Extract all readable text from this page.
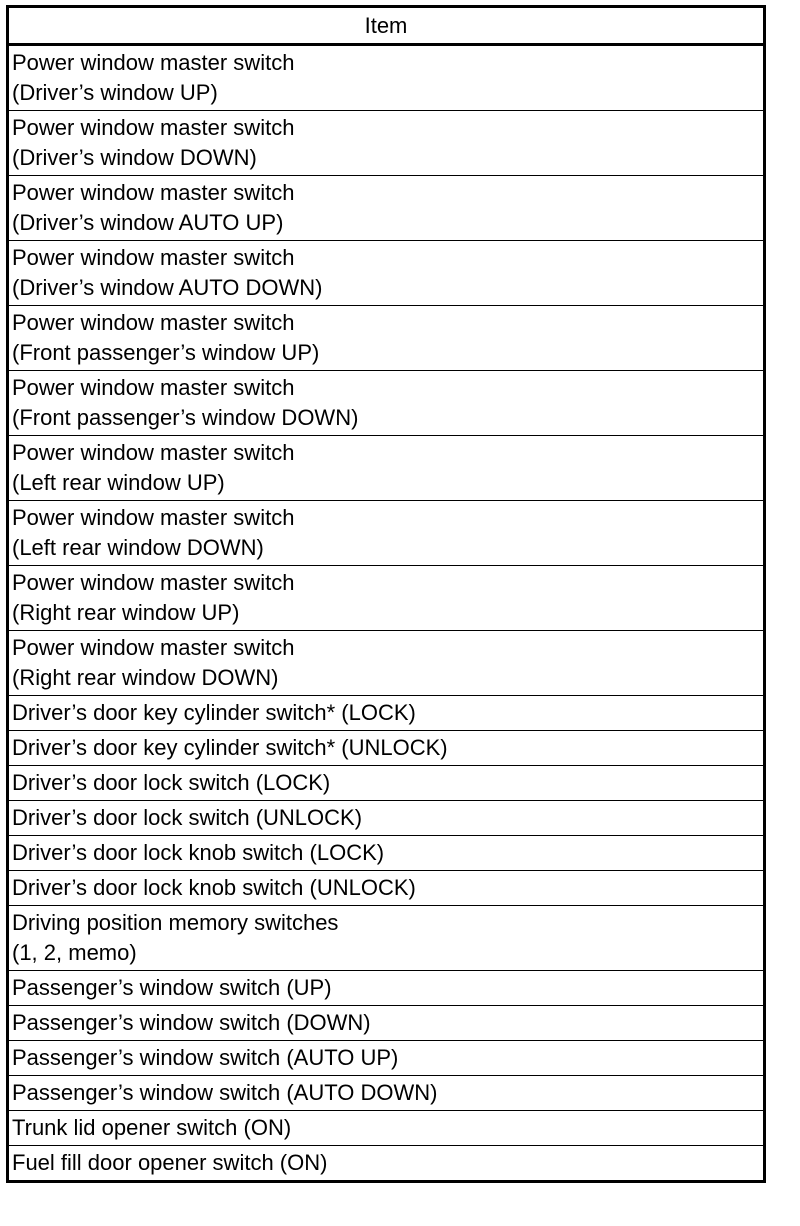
Item

Power window master switch
(Driver’s window UP)

Power window master switch
(Driver’s window DOWN)

Power window master switch
(Driver’s window AUTO UP)

Power window master switch
(Driver’s window AUTO DOWN)

Power window master switch
(Front passenger’s window UP)

Power window master switch
(Front passenger’s window DOWN)

Power window master switch
(Left rear window UP)

Power window master switch
(Left rear window DOWN)

Power window master switch
(Right rear window UP)

Power window master switch
(Right rear window DOWN)

Driver’s door key cylinder switch* (LOCK)

Driver’s door key cylinder switch* (UNLOCK)

Driver’s door lock switch (LOCK)

Driver’s door lock switch (UNLOCK)

Driver’s door lock knob switch (LOCK)

Driver’s door lock knob switch (UNLOCK)

Driving position memory switches
(1, 2, memo)

Passenger’s window switch (UP)

Passenger’s window switch (DOWN)

Passenger’s window switch (AUTO UP)

Passenger’s window switch (AUTO DOWN)

Trunk lid opener switch (ON)

Fuel fill door opener switch (ON)
